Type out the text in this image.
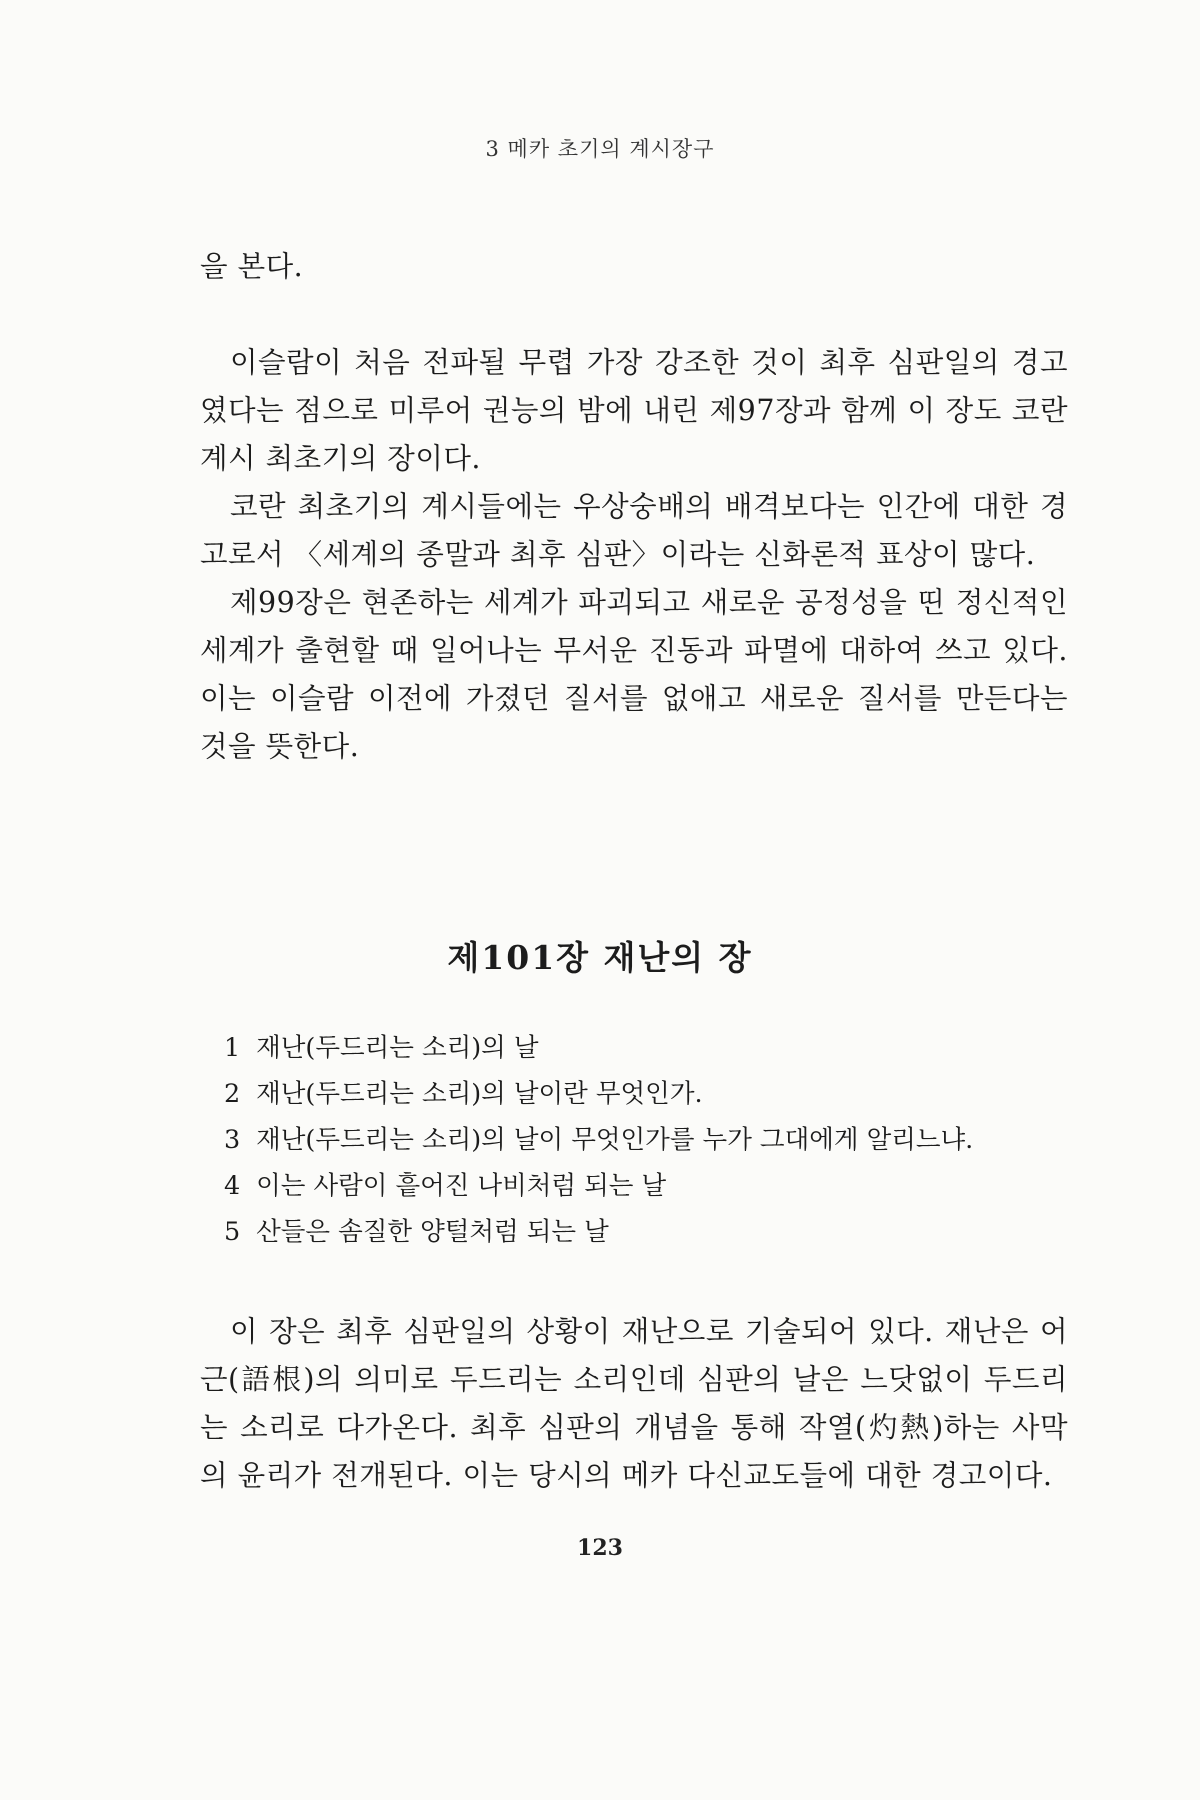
3 메카 초기의 계시장구

을 본다.

이슬람이 처음 전파될 무렵 가장 강조한 것이 최후 심판일의 경고였다는 점으로 미루어 권능의 밤에 내린 제97장과 함께 이 장도 코란 계시 최초기의 장이다.

코란 최초기의 계시들에는 우상숭배의 배격보다는 인간에 대한 경고로서 〈세계의 종말과 최후 심판〉이라는 신화론적 표상이 많다.

제99장은 현존하는 세계가 파괴되고 새로운 공정성을 띤 정신적인 세계가 출현할 때 일어나는 무서운 진동과 파멸에 대하여 쓰고 있다. 이는 이슬람 이전에 가졌던 질서를 없애고 새로운 질서를 만든다는 것을 뜻한다.

제101장 재난의 장

1 재난(두드리는 소리)의 날

2 재난(두드리는 소리)의 날이란 무엇인가.

3 재난(두드리는 소리)의 날이 무엇인가를 누가 그대에게 알리느냐.

4 이는 사람이 흩어진 나비처럼 되는 날

5 산들은 솜질한 양털처럼 되는 날

이 장은 최후 심판일의 상황이 재난으로 기술되어 있다. 재난은 어근(語根)의 의미로 두드리는 소리인데 심판의 날은 느닷없이 두드리는 소리로 다가온다. 최후 심판의 개념을 통해 작열(灼熱)하는 사막의 윤리가 전개된다. 이는 당시의 메카 다신교도들에 대한 경고이다.

123
